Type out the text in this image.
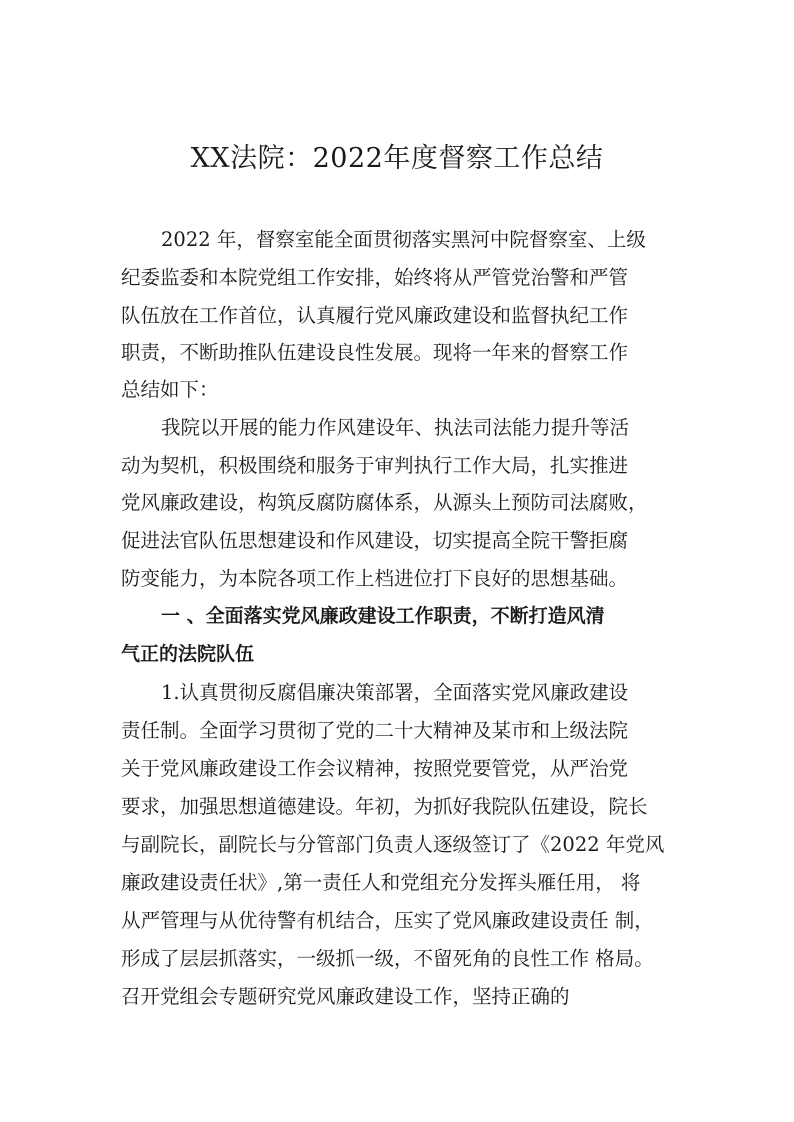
XX法院：2022年度督察工作总结

2022 年，督察室能全面贯彻落实黑河中院督察室、上级

纪委监委和本院党组工作安排，始终将从严管党治警和严管

队伍放在工作首位，认真履行党风廉政建设和监督执纪工作

职责，不断助推队伍建设良性发展。现将一年来的督察工作

总结如下：

我院以开展的能力作风建设年、执法司法能力提升等活

动为契机，积极围绕和服务于审判执行工作大局，扎实推进

党风廉政建设，构筑反腐防腐体系，从源头上预防司法腐败，

促进法官队伍思想建设和作风建设，切实提高全院干警拒腐

防变能力，为本院各项工作上档进位打下良好的思想基础。

一 、全面落实党风廉政建设工作职责，不断打造风清

气正的法院队伍

1.认真贯彻反腐倡廉决策部署，全面落实党风廉政建设

责任制。全面学习贯彻了党的二十大精神及某市和上级法院

关于党风廉政建设工作会议精神，按照党要管党，从严治党

要求，加强思想道德建设。年初，为抓好我院队伍建设，院长

与副院长，副院长与分管部门负责人逐级签订了《2022 年党风

廉政建设责任状》,第一责任人和党组充分发挥头雁任用， 将

从严管理与从优待警有机结合，压实了党风廉政建设责任 制，

形成了层层抓落实，一级抓一级，不留死角的良性工作 格局。

召开党组会专题研究党风廉政建设工作，坚持正确的
